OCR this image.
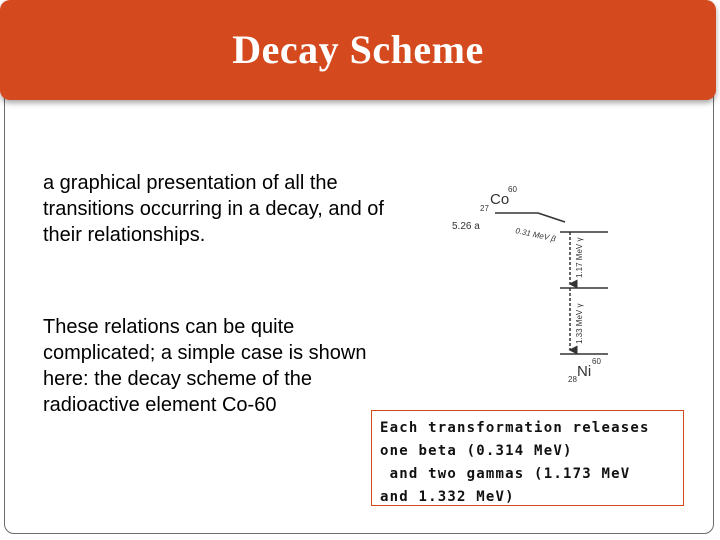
Decay Scheme
a graphical presentation of all the transitions occurring in a decay, and of their relationships.
These relations can be quite complicated; a simple case is shown here: the decay scheme of the radioactive element Co-60
27
Co
60
5.26 a	0.31 MeV β
1.17 MeV γ
1.33 MeV γ
28 Ni
60
Each transformation releases
one beta (0.314 MeV)
and two gammas (1.173 MeV
and 1.332 MeV)
